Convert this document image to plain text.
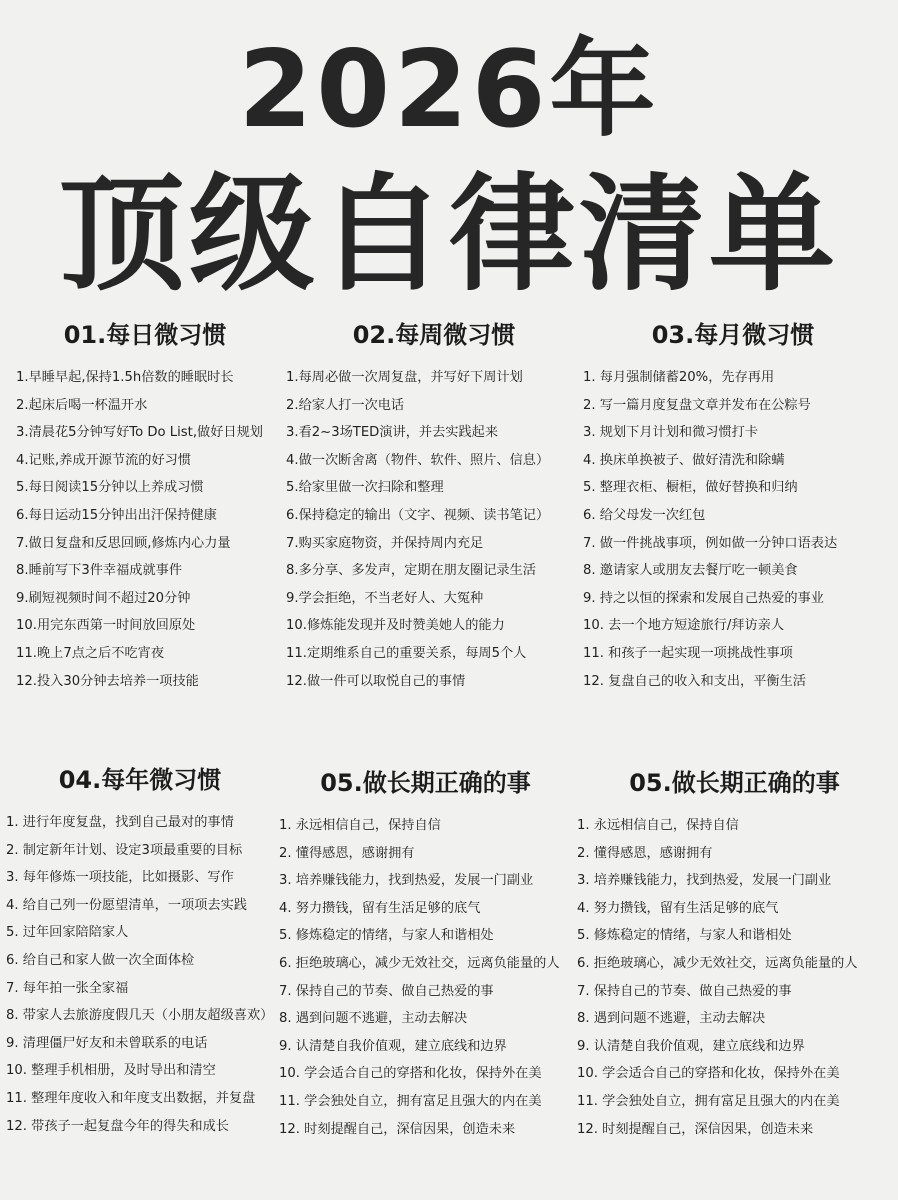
2026年
顶级自律清单
01.每日微习惯
1.早睡早起,保持1.5h倍数的睡眠时长
2.起床后喝一杯温开水
3.清晨花5分钟写好To Do List,做好日规划
4.记账,养成开源节流的好习惯
5.每日阅读15分钟以上养成习惯
6.每日运动15分钟出出汗保持健康
7.做日复盘和反思回顾,修炼内心力量
8.睡前写下3件幸福成就事件
9.刷短视频时间不超过20分钟
10.用完东西第一时间放回原处
11.晚上7点之后不吃宵夜
12.投入30分钟去培养一项技能
02.每周微习惯
1.每周必做一次周复盘，并写好下周计划
2.给家人打一次电话
3.看2~3场TED演讲，并去实践起来
4.做一次断舍离（物件、软件、照片、信息）
5.给家里做一次扫除和整理
6.保持稳定的输出（文字、视频、读书笔记）
7.购买家庭物资，并保持周内充足
8.多分享、多发声，定期在朋友圈记录生活
9.学会拒绝，不当老好人、大冤种
10.修炼能发现并及时赞美她人的能力
11.定期维系自己的重要关系，每周5个人
12.做一件可以取悦自己的事情
03.每月微习惯
1. 每月强制储蓄20%，先存再用
2. 写一篇月度复盘文章并发布在公粽号
3. 规划下月计划和微习惯打卡
4. 换床单换被子、做好清洗和除螨
5. 整理衣柜、橱柜，做好替换和归纳
6. 给父母发一次红包
7. 做一件挑战事项，例如做一分钟口语表达
8. 邀请家人或朋友去餐厅吃一顿美食
9. 持之以恒的探索和发展自己热爱的事业
10. 去一个地方短途旅行/拜访亲人
11. 和孩子一起实现一项挑战性事项
12. 复盘自己的收入和支出，平衡生活
04.每年微习惯
1. 进行年度复盘，找到自己最对的事情
2. 制定新年计划、设定3项最重要的目标
3. 每年修炼一项技能，比如摄影、写作
4. 给自己列一份愿望清单，一项项去实践
5. 过年回家陪陪家人
6. 给自己和家人做一次全面体检
7. 每年拍一张全家福
8. 带家人去旅游度假几天（小朋友超级喜欢）
9. 清理僵尸好友和未曾联系的电话
10. 整理手机相册，及时导出和清空
11. 整理年度收入和年度支出数据，并复盘
12. 带孩子一起复盘今年的得失和成长
05.做长期正确的事
1. 永远相信自己，保持自信
2. 懂得感恩，感谢拥有
3. 培养赚钱能力，找到热爱，发展一门副业
4. 努力攒钱，留有生活足够的底气
5. 修炼稳定的情绪，与家人和谐相处
6. 拒绝玻璃心，减少无效社交，远离负能量的人
7. 保持自己的节奏、做自己热爱的事
8. 遇到问题不逃避，主动去解决
9. 认清楚自我价值观，建立底线和边界
10. 学会适合自己的穿搭和化妆，保持外在美
11. 学会独处自立，拥有富足且强大的内在美
12. 时刻提醒自己，深信因果，创造未来
05.做长期正确的事
1. 永远相信自己，保持自信
2. 懂得感恩，感谢拥有
3. 培养赚钱能力，找到热爱，发展一门副业
4. 努力攒钱，留有生活足够的底气
5. 修炼稳定的情绪，与家人和谐相处
6. 拒绝玻璃心，减少无效社交，远离负能量的人
7. 保持自己的节奏、做自己热爱的事
8. 遇到问题不逃避，主动去解决
9. 认清楚自我价值观，建立底线和边界
10. 学会适合自己的穿搭和化妆，保持外在美
11. 学会独处自立，拥有富足且强大的内在美
12. 时刻提醒自己，深信因果，创造未来
